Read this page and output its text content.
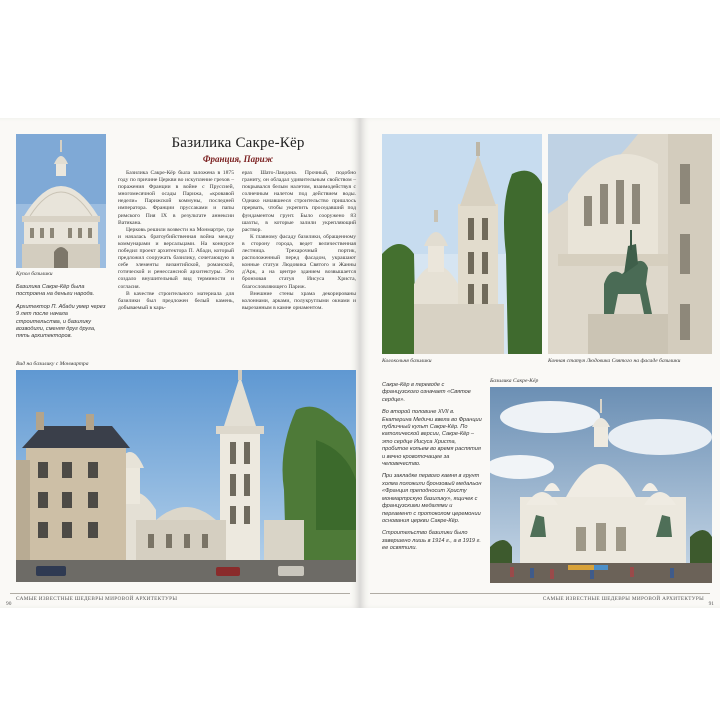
Купол базилики

Базилика Сакре-Кёр была построена на деньги народа.

Архитектор П. Абади умер через 9 лет после начала строительства, и базилику возводили, сменяя друг друга, пять архитекторов.

Базилика Сакре-Кёр
Франция, Париж

Базилика Сакре-Кёр была заложена в 1875 году по причине Церкви во искупление грехов – поражения Франции в войне с Пруссией, многомесячной осады Парижа, «кровавой недели» Парижской коммуны, последней императора. Франции пруссаками и папы римского Пия IX в результате аннексии Ватикана.

Церковь решили возвести на Монмартре, где и началась братоубийственная война между коммунарами и версальцами. На конкурсе победил проект архитектора П. Абади, который предложил сооружать базилику, сочетающую в себе элементы византийской, романской, готической и ренессансной архитектуры. Это создало внушительный вид терминости и согласия.

В качестве строительного материала для базилики был предложен белый камень, добываемый в карь-

ерах Шато-Ландона. Прочный, подобно граниту, он обладал удивительным свойством – покрывался белым налетом, взаимодействуя с солнечным налетом под действием воды. Однако начавшееся строительство пришлось прервать, чтобы укрепить проседавший под фундаментом грунт. Было сооружено 83 шахты, в которые залили укрепляющий раствор.

К главному фасаду базилики, обращенному в сторону города, ведет величественная лестница. Трехарочный портик, расположенный перед фасадом, украшают конные статуи Людовика Святого и Жанны д'Арк, а на центре зданием возвышается бронзовая статуя Иисуса Христа, благословляющего Париж.

Внешние стены храма декорированы колоннами, арками, полукруглыми окнами и вырезанным в камне орнаментом.

Вид на базилику с Монмартра
САМЫЕ ИЗВЕСТНЫЕ ШЕДЕВРЫ МИРОВОЙ АРХИТЕКТУРЫ
90
Колокольня базилики	Конная статуя Людовика Святого на фасаде базилики

Сакре-Кёр в переводе с французского означает «Святое сердце».

Во второй половине XVII в. Екатерина Медичи ввела во Франции публичный культ Сакре-Кёр. По католической версии, Сакре-Кёр – это сердце Иисуса Христа, пробитое копьем во время распятия и вечно кровоточащее за человечество.

При закладке первого камня в грунт холма положили бронзовый медальон «Франция преподносит Христу монмартрскую базилику», ящичек с французскими медалями и пергамент с протоколом церемонии основания церкви Сакре-Кёр.

Строительство базилики было завершено лишь в 1914 г., а в 1919 г. ее освятили.

Базилика Сакре-Кёр
САМЫЕ ИЗВЕСТНЫЕ ШЕДЕВРЫ МИРОВОЙ АРХИТЕКТУРЫ
91
